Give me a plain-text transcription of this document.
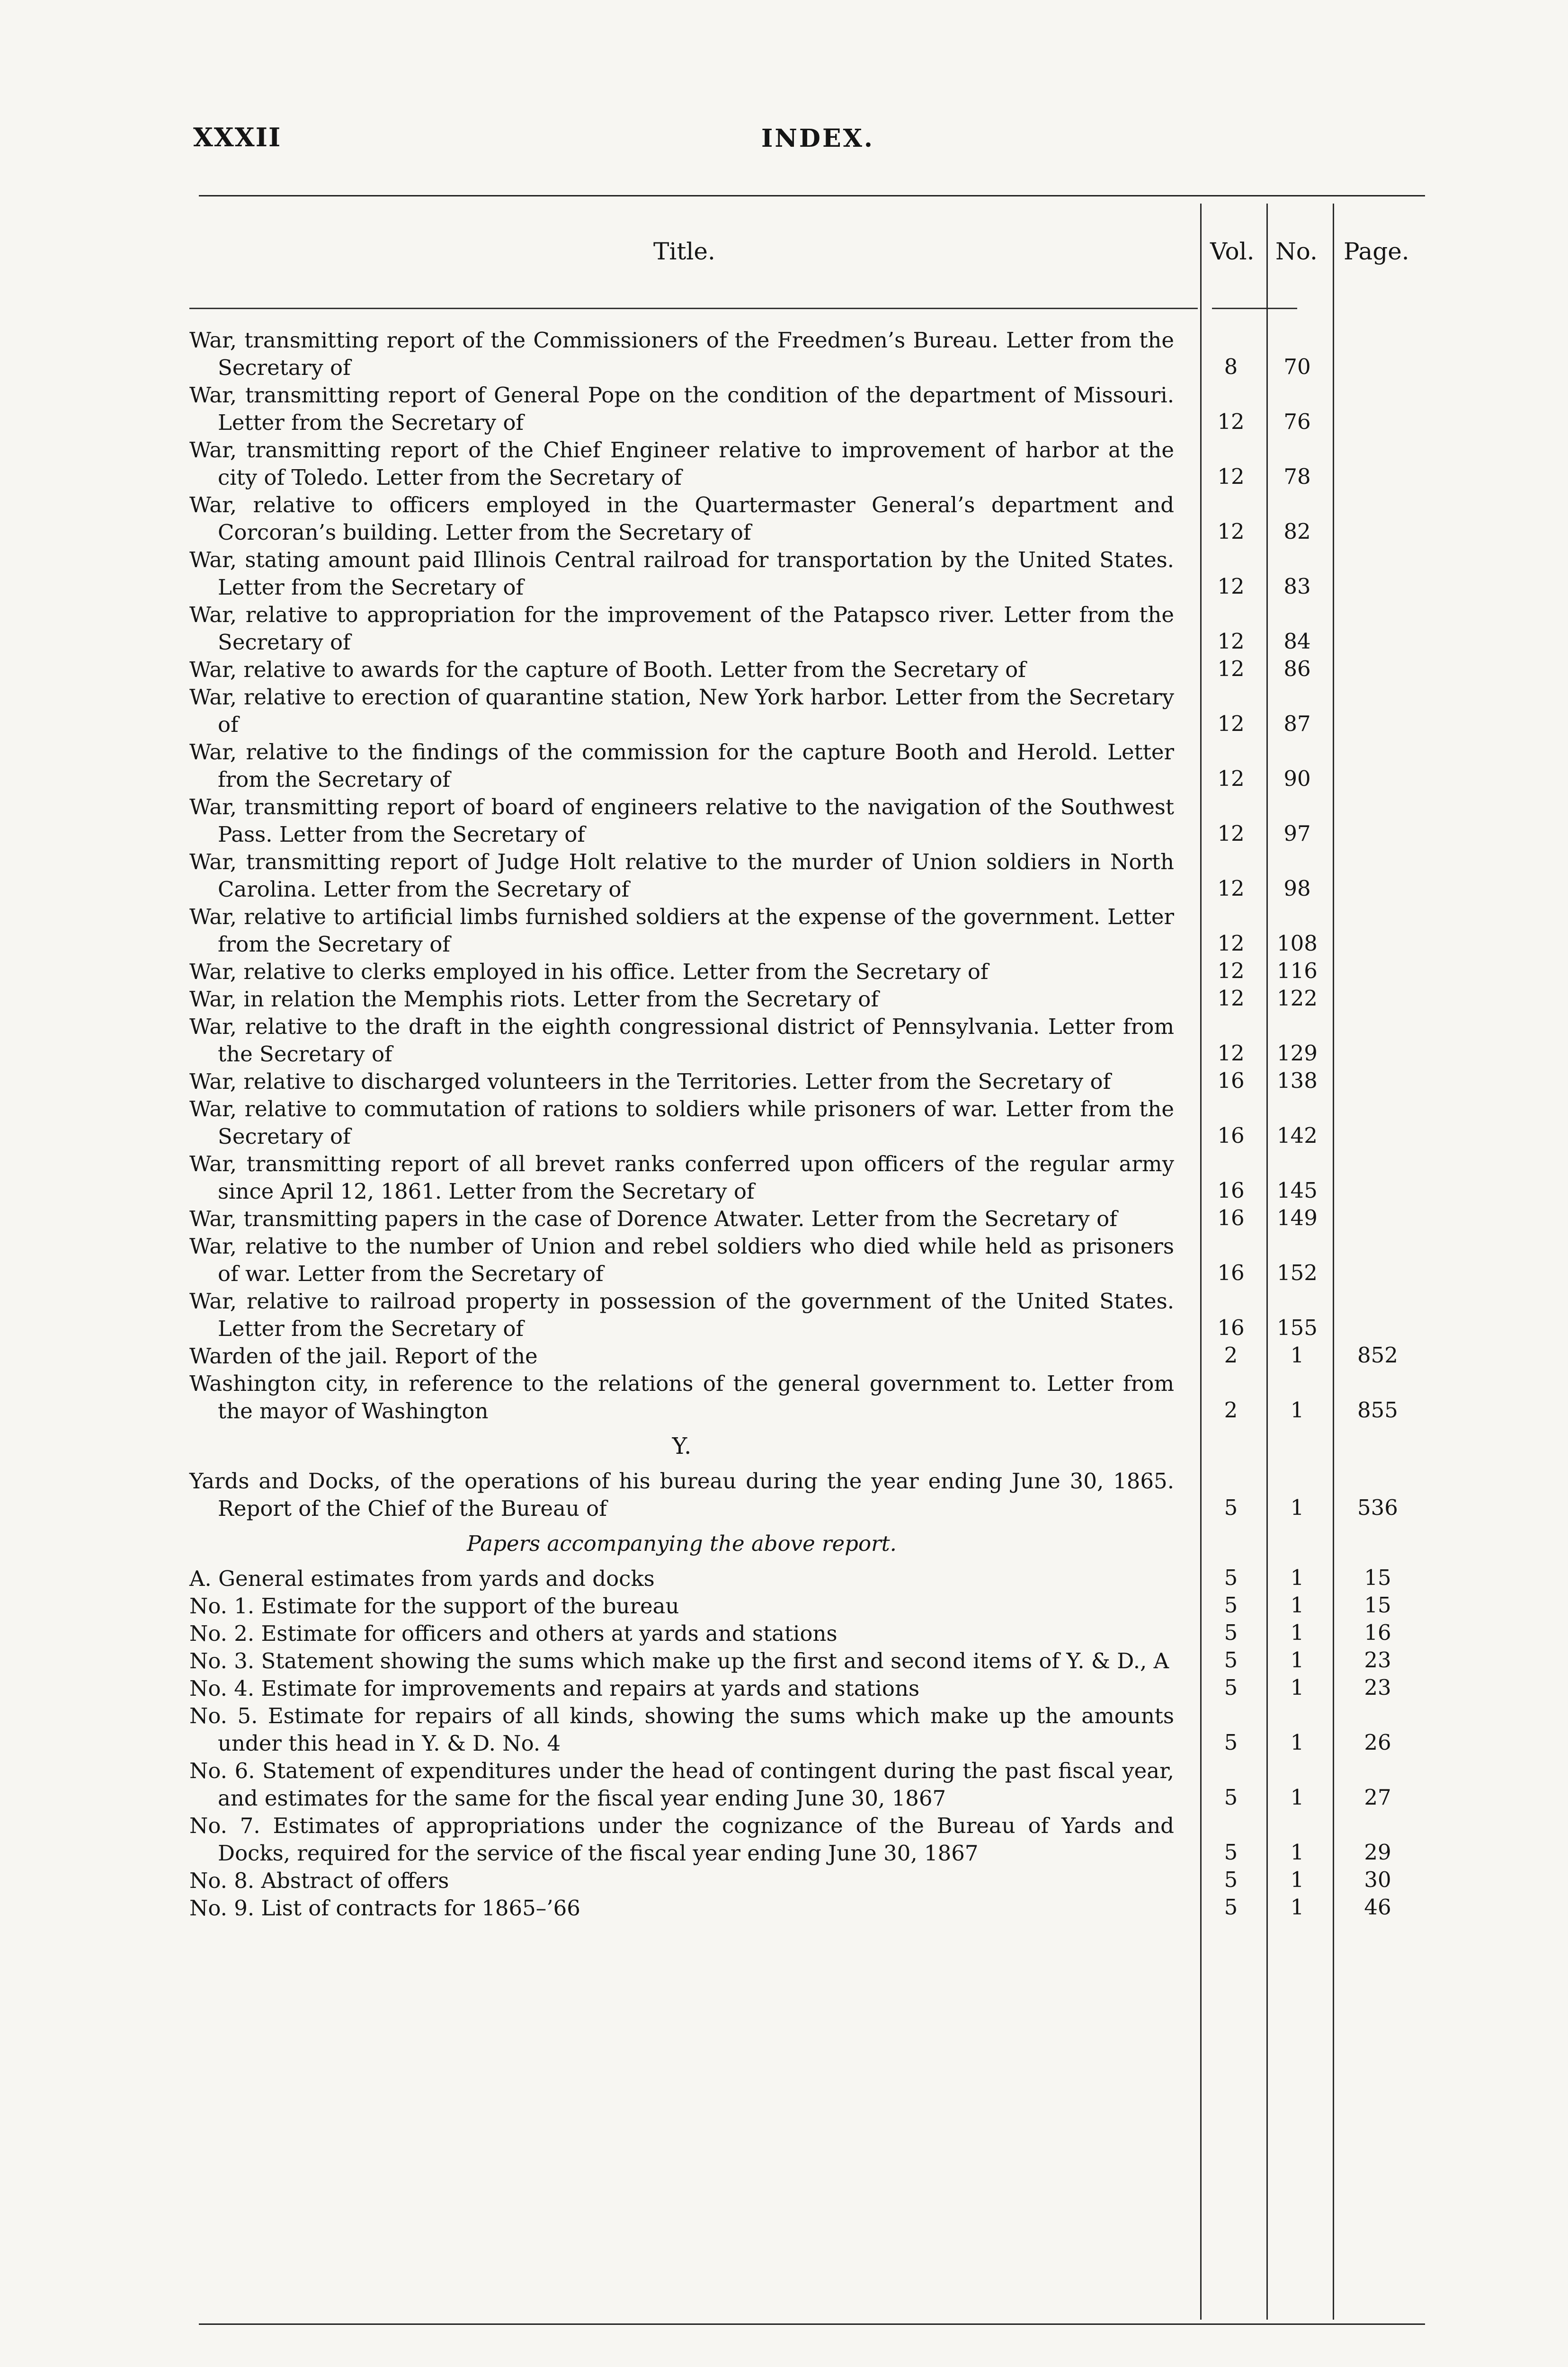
XXXII	INDEX.
Title.	Vol. No. Page.
War, transmitting report of the Commissioners of the Freedmen’s Bureau. Letter from the Secretary of	8	70
War, transmitting report of General Pope on the condition of the department of Missouri. Letter from the Secretary of	12	76
War, transmitting report of the Chief Engineer relative to improvement of harbor at the city of Toledo. Letter from the Secretary of	12	78
War, relative to officers employed in the Quartermaster General’s department and Corcoran’s building. Letter from the Secretary of	12	82
War, stating amount paid Illinois Central railroad for transportation by the United States. Letter from the Secretary of	12	83
War, relative to appropriation for the improvement of the Patapsco river. Letter from the Secretary of	12	84
War, relative to awards for the capture of Booth. Letter from the Secretary of	12	86
War, relative to erection of quarantine station, New York harbor. Letter from the Secretary of	12	87
War, relative to the findings of the commission for the capture Booth and Herold. Letter from the Secretary of	12	90
War, transmitting report of board of engineers relative to the navigation of the Southwest Pass. Letter from the Secretary of	12	97
War, transmitting report of Judge Holt relative to the murder of Union soldiers in North Carolina. Letter from the Secretary of	12	98
War, relative to artificial limbs furnished soldiers at the expense of the government. Letter from the Secretary of	12	108
War, relative to clerks employed in his office. Letter from the Secretary of	12	116
War, in relation the Memphis riots. Letter from the Secretary of	12	122
War, relative to the draft in the eighth congressional district of Pennsylvania. Letter from the Secretary of	12	129
War, relative to discharged volunteers in the Territories. Letter from the Secretary of	16	138
War, relative to commutation of rations to soldiers while prisoners of war. Letter from the Secretary of	16	142
War, transmitting report of all brevet ranks conferred upon officers of the regular army since April 12, 1861. Letter from the Secretary of	16	145
War, transmitting papers in the case of Dorence Atwater. Letter from the Secretary of	16	149
War, relative to the number of Union and rebel soldiers who died while held as prisoners of war. Letter from the Secretary of	16	152
War, relative to railroad property in possession of the government of the United States. Letter from the Secretary of	16	155
Warden of the jail. Report of the	2	1	852
Washington city, in reference to the relations of the general government to. Letter from the mayor of Washington	2	1	855
Y.
Yards and Docks, of the operations of his bureau during the year ending June 30, 1865. Report of the Chief of the Bureau of	5	1	536
Papers accompanying the above report.
A. General estimates from yards and docks	5	1	15
No. 1. Estimate for the support of the bureau	5	1	15
No. 2. Estimate for officers and others at yards and stations	5	1	16
No. 3. Statement showing the sums which make up the first and second items of Y. & D., A	5	1	23
No. 4. Estimate for improvements and repairs at yards and stations	5	1	23
No. 5. Estimate for repairs of all kinds, showing the sums which make up the amounts under this head in Y. & D. No. 4	5	1	26
No. 6. Statement of expenditures under the head of contingent during the past fiscal year, and estimates for the same for the fiscal year ending June 30, 1867	5	1	27
No. 7. Estimates of appropriations under the cognizance of the Bureau of Yards and Docks, required for the service of the fiscal year ending June 30, 1867	5	1	29
No. 8. Abstract of offers	5	1	30
No. 9. List of contracts for 1865–’66	5	1	46
